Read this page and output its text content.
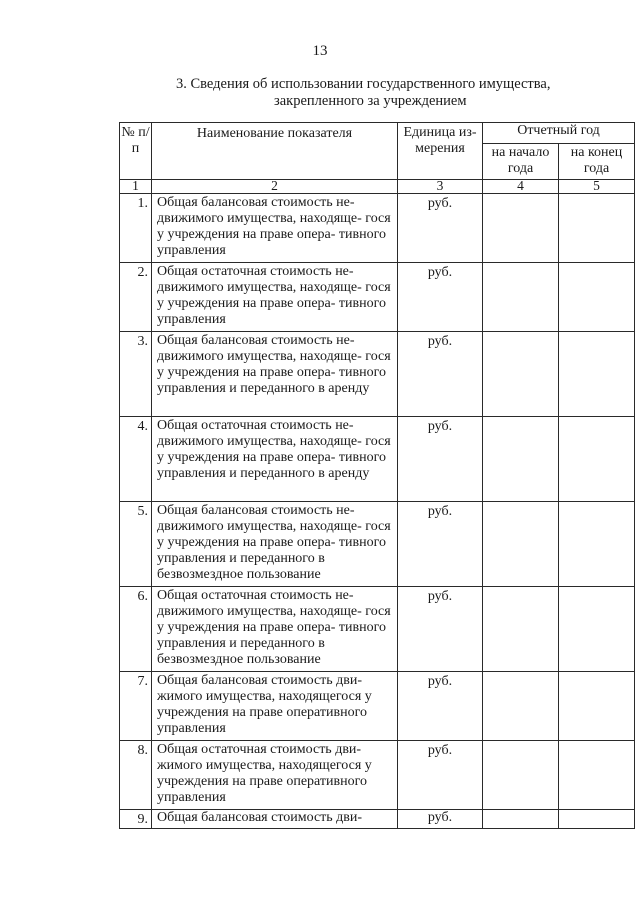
13
3. Сведения об использовании государственного имущества,
закрепленного за учреждением
№ п/п	Наименование показателя	Единица из- мерения	Отчетный год	
			на начало года	на конец года
1	2	3	4	5
1.	Общая балансовая стоимость не- движимого имущества, находяще- гося у учреждения на праве опера- тивного управления	руб.		
2.	Общая остаточная стоимость не- движимого имущества, находяще- гося у учреждения на праве опера- тивного управления	руб.		
3.	Общая балансовая стоимость не- движимого имущества, находяще- гося у учреждения на праве опера- тивного управления и переданного в аренду	руб.		
4.	Общая остаточная стоимость не- движимого имущества, находяще- гося у учреждения на праве опера- тивного управления и переданного в аренду	руб.		
5.	Общая балансовая стоимость не- движимого имущества, находяще- гося у учреждения на праве опера- тивного управления и переданного в безвозмездное пользование	руб.		
6.	Общая остаточная стоимость не- движимого имущества, находяще- гося у учреждения на праве опера- тивного управления и переданного в безвозмездное пользование	руб.		
7.	Общая балансовая стоимость дви- жимого имущества, находящегося у учреждения на праве оперативного управления	руб.		
8.	Общая остаточная стоимость дви- жимого имущества, находящегося у учреждения на праве оперативного управления	руб.		
9.	Общая балансовая стоимость дви-	руб.		
